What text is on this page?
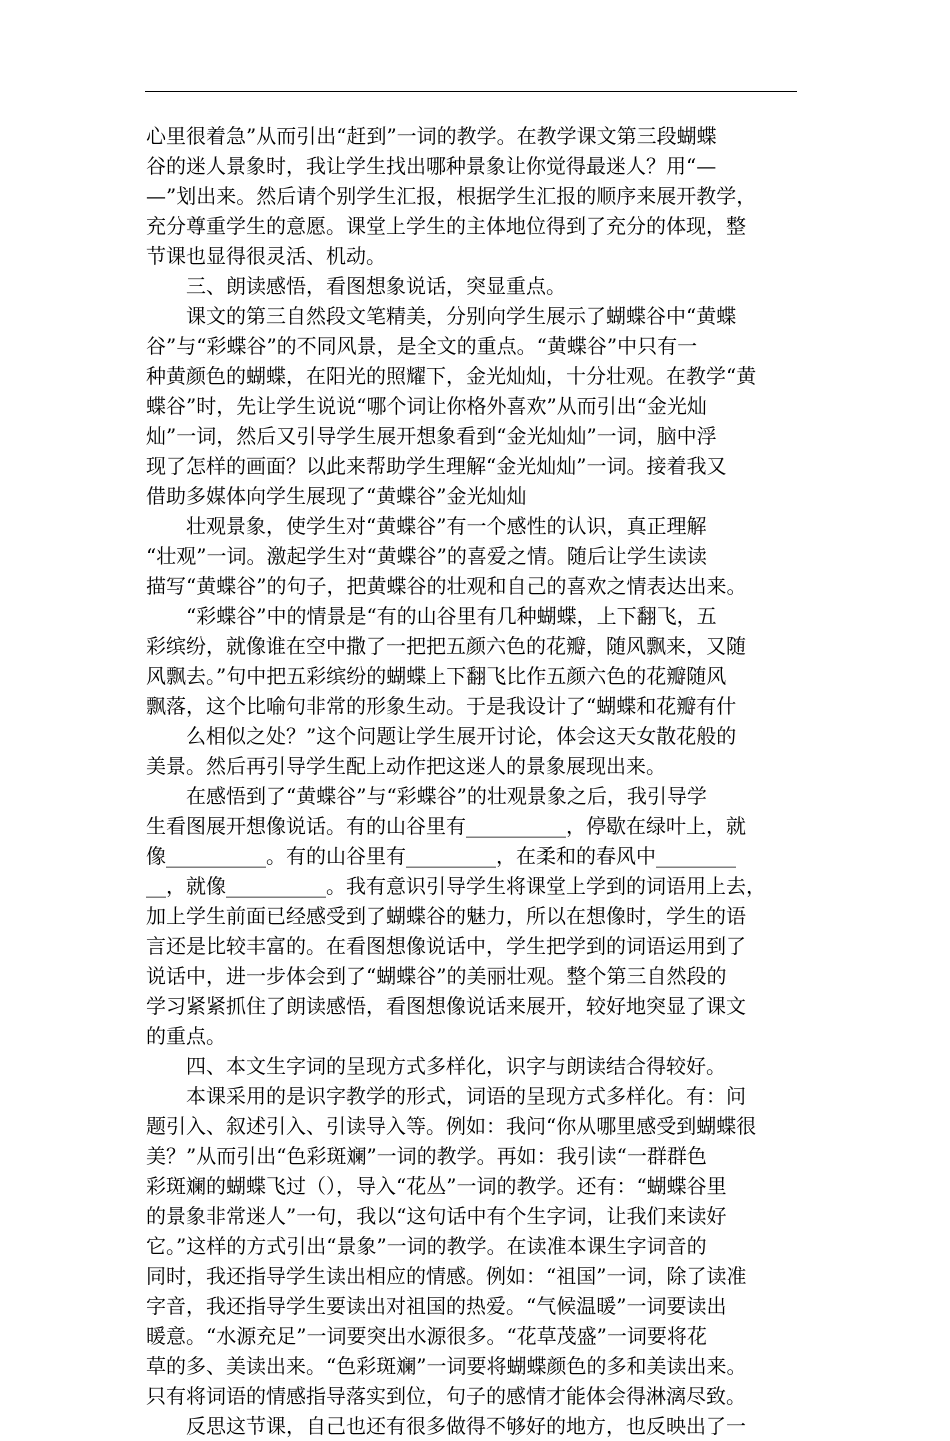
心里很着急”从而引出“赶到”一词的教学。在教学课文第三段蝴蝶
谷的迷人景象时，我让学生找出哪种景象让你觉得最迷人？用“—
—”划出来。然后请个别学生汇报，根据学生汇报的顺序来展开教学，
充分尊重学生的意愿。课堂上学生的主体地位得到了充分的体现，整
节课也显得很灵活、机动。
三、朗读感悟，看图想象说话，突显重点。
课文的第三自然段文笔精美，分别向学生展示了蝴蝶谷中“黄蝶
谷”与“彩蝶谷”的不同风景，是全文的重点。“黄蝶谷”中只有一
种黄颜色的蝴蝶，在阳光的照耀下，金光灿灿，十分壮观。在教学“黄
蝶谷”时，先让学生说说“哪个词让你格外喜欢”从而引出“金光灿
灿”一词，然后又引导学生展开想象看到“金光灿灿”一词，脑中浮
现了怎样的画面？以此来帮助学生理解“金光灿灿”一词。接着我又
借助多媒体向学生展现了“黄蝶谷”金光灿灿
壮观景象，使学生对“黄蝶谷”有一个感性的认识，真正理解
“壮观”一词。激起学生对“黄蝶谷”的喜爱之情。随后让学生读读
描写“黄蝶谷”的句子，把黄蝶谷的壮观和自己的喜欢之情表达出来。
“彩蝶谷”中的情景是“有的山谷里有几种蝴蝶，上下翻飞，五
彩缤纷，就像谁在空中撒了一把把五颜六色的花瓣，随风飘来，又随
风飘去。”句中把五彩缤纷的蝴蝶上下翻飞比作五颜六色的花瓣随风
飘落，这个比喻句非常的形象生动。于是我设计了“蝴蝶和花瓣有什
么相似之处？”这个问题让学生展开讨论，体会这天女散花般的
美景。然后再引导学生配上动作把这迷人的景象展现出来。
在感悟到了“黄蝶谷”与“彩蝶谷”的壮观景象之后，我引导学
生看图展开想像说话。有的山谷里有__________，停歇在绿叶上，就
像__________。有的山谷里有_________，在柔和的春风中________
__，就像__________。我有意识引导学生将课堂上学到的词语用上去，
加上学生前面已经感受到了蝴蝶谷的魅力，所以在想像时，学生的语
言还是比较丰富的。在看图想像说话中，学生把学到的词语运用到了
说话中，进一步体会到了“蝴蝶谷”的美丽壮观。整个第三自然段的
学习紧紧抓住了朗读感悟，看图想像说话来展开，较好地突显了课文
的重点。
四、本文生字词的呈现方式多样化，识字与朗读结合得较好。
本课采用的是识字教学的形式，词语的呈现方式多样化。有：问
题引入、叙述引入、引读导入等。例如：我问“你从哪里感受到蝴蝶很
美？”从而引出“色彩斑斓”一词的教学。再如：我引读“一群群色
彩斑斓的蝴蝶飞过（），导入“花丛”一词的教学。还有：“蝴蝶谷里
的景象非常迷人”一句，我以“这句话中有个生字词，让我们来读好
它。”这样的方式引出“景象”一词的教学。在读准本课生字词音的
同时，我还指导学生读出相应的情感。例如：“祖国”一词，除了读准
字音，我还指导学生要读出对祖国的热爱。“气候温暖”一词要读出
暖意。“水源充足”一词要突出水源很多。“花草茂盛”一词要将花
草的多、美读出来。“色彩斑斓”一词要将蝴蝶颜色的多和美读出来。
只有将词语的情感指导落实到位，句子的感情才能体会得淋漓尽致。
反思这节课，自己也还有很多做得不够好的地方，也反映出了一
